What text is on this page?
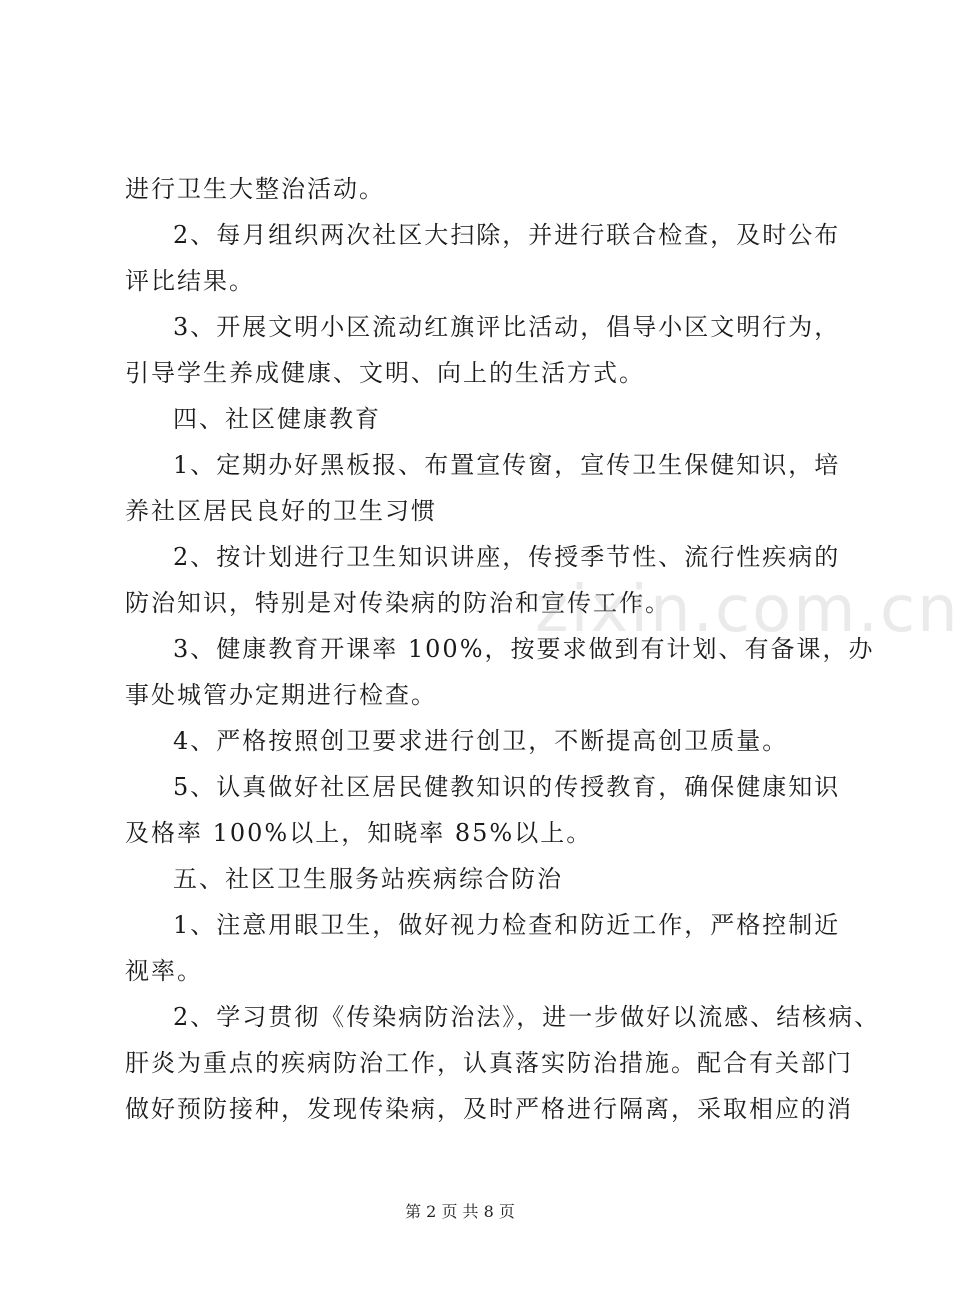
进行卫生大整治活动。
2、每月组织两次社区大扫除，并进行联合检查，及时公布
评比结果。
3、开展文明小区流动红旗评比活动，倡导小区文明行为，
引导学生养成健康、文明、向上的生活方式。
四、社区健康教育
1、定期办好黑板报、布置宣传窗，宣传卫生保健知识，培
养社区居民良好的卫生习惯
2、按计划进行卫生知识讲座，传授季节性、流行性疾病的
防治知识，特别是对传染病的防治和宣传工作。
3、健康教育开课率 100%，按要求做到有计划、有备课，办
事处城管办定期进行检查。
4、严格按照创卫要求进行创卫，不断提高创卫质量。
5、认真做好社区居民健教知识的传授教育，确保健康知识
及格率 100%以上，知晓率 85%以上。
五、社区卫生服务站疾病综合防治
1、注意用眼卫生，做好视力检查和防近工作，严格控制近
视率。
2、学习贯彻《传染病防治法》，进一步做好以流感、结核病、
肝炎为重点的疾病防治工作，认真落实防治措施。配合有关部门
做好预防接种，发现传染病，及时严格进行隔离，采取相应的消
zixin.com.cn
第 2 页 共 8 页
